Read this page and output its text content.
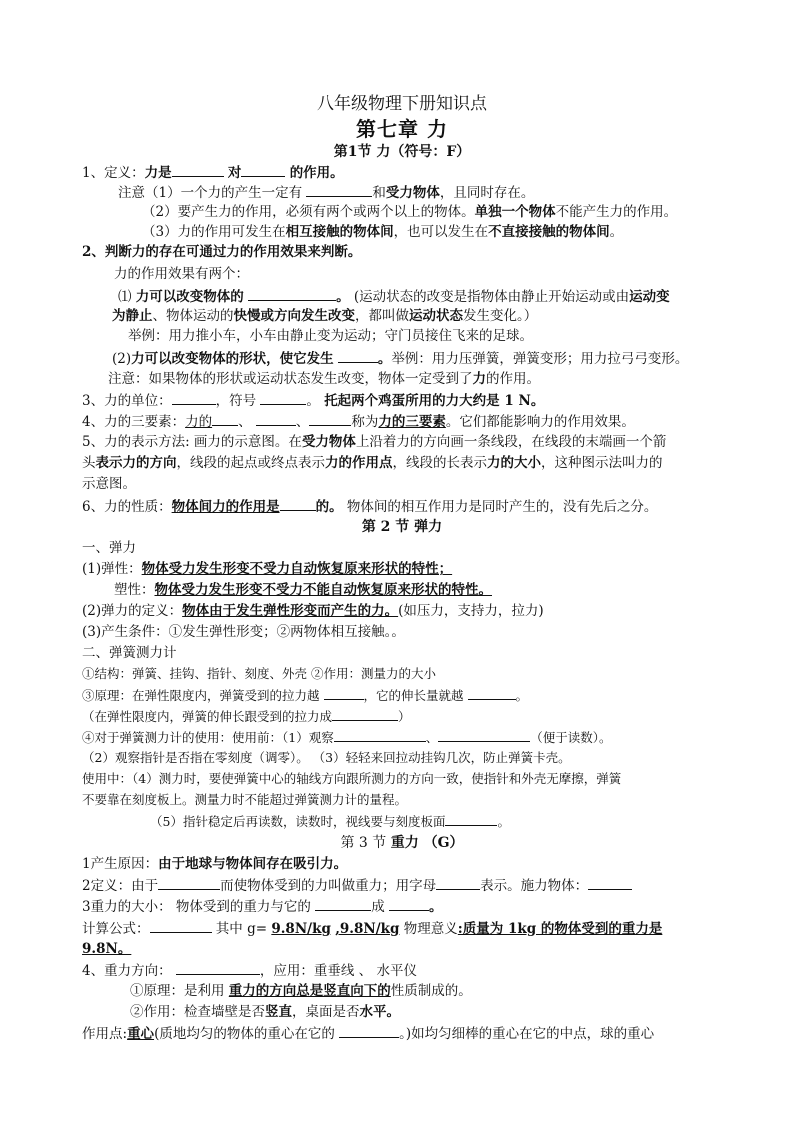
八年级物理下册知识点
第七章 力
第1节 力（符号：F）
1、定义：力是	对	的作用。
注意（1）一个力的产生一定有	和受力物体，且同时存在。
（2）要产生力的作用，必须有两个或两个以上的物体。单独一个物体不能产生力的作用。
（3）力的作用可发生在相互接触的物体间，也可以发生在不直接接触的物体间。
2、判断力的存在可通过力的作用效果来判断。
力的作用效果有两个：
⑴ 力可以改变物体的	。 (运动状态的改变是指物体由静止开始运动或由运动变
为静止、物体运动的快慢或方向发生改变，都叫做运动状态发生变化。）
举例：用力推小车，小车由静止变为运动；守门员接住飞来的足球。
(2)力可以改变物体的形状，使它发生	。举例：用力压弹簧，弹簧变形；用力拉弓弓变形。
注意：如果物体的形状或运动状态发生改变，物体一定受到了力的作用。
3、力的单位：	，符号	。 托起两个鸡蛋所用的力大约是 1 N。
4、力的三要素：力的 、	、	称为力的三要素。它们都能影响力的作用效果。
5、力的表示方法: 画力的示意图。在受力物体上沿着力的方向画一条线段，在线段的末端画一个箭
头表示力的方向，线段的起点或终点表示力的作用点，线段的长表示力的大小，这种图示法叫力的
示意图。
6、力的性质：物体间力的作用是	的。 物体间的相互作用力是同时产生的，没有先后之分。
第 2 节 弹力
一、弹力
(1)弹性：物体受力发生形变不受力自动恢复原来形状的特性；
塑性：物体受力发生形变不受力不能自动恢复原来形状的特性。
(2)弹力的定义：物体由于发生弹性形变而产生的力。(如压力，支持力，拉力)
(3)产生条件：①发生弹性形变；②两物体相互接触。。
二、弹簧测力计
①结构：弹簧、挂钩、指针、刻度、外壳 ②作用：测量力的大小
③原理：在弹性限度内，弹簧受到的拉力越	，它的伸长量就越	。
（在弹性限度内，弹簧的伸长跟受到的拉力成	）
④对于弹簧测力计的使用：使用前：（1）观察	、	（便于读数）。
（2）观察指针是否指在零刻度（调零）。 （3）轻轻来回拉动挂钩几次，防止弹簧卡壳。
使用中：（4）测力时，要使弹簧中心的轴线方向跟所测力的方向一致，使指针和外壳无摩擦，弹簧
不要靠在刻度板上。测量力时不能超过弹簧测力计的量程。
（5）指针稳定后再读数，读数时，视线要与刻度板面	。
第 3 节 重力 （G）
1产生原因：由于地球与物体间存在吸引力。
2定义：由于	而使物体受到的力叫做重力；用字母	表示。施力物体：
3重力的大小： 物体受到的重力与它的	成	。
计算公式：	其中 g= 9.8N/kg ,9.8N/kg 物理意义:质量为 1kg 的物体受到的重力是
9.8N。
4、重力方向：	，应用：重垂线 、 水平仪
①原理：是利用 重力的方向总是竖直向下的性质制成的。
②作用：检查墙壁是否竖直，桌面是否水平。
作用点:重心(质地均匀的物体的重心在它的	。)如均匀细棒的重心在它的中点，球的重心
